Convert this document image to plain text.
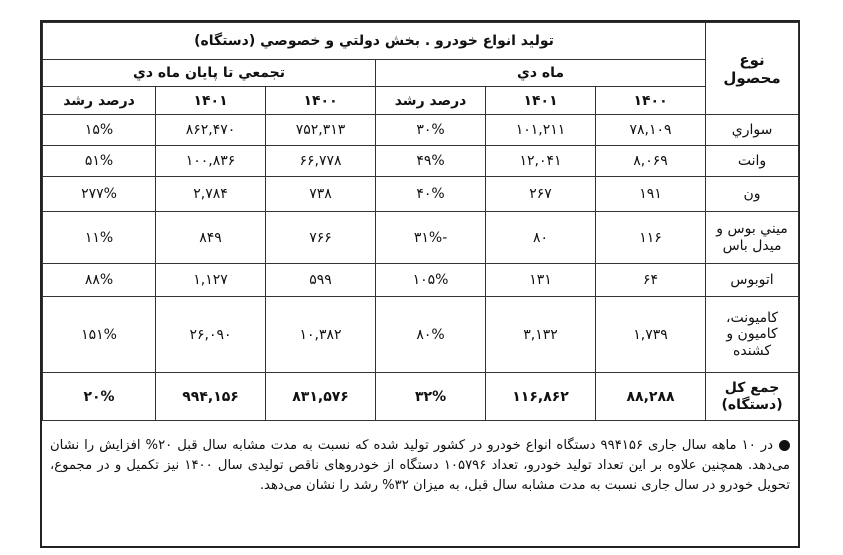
نوع محصول	توليد انواع خودرو . بخش دولتي و خصوصي (دستگاه)					
	ماه دي			تجمعي تا پايان ماه دي		
	۱۴۰۰	۱۴۰۱	درصد رشد	۱۴۰۰	۱۴۰۱	درصد رشد
سواري	۷۸,۱۰۹	۱۰۱,۲۱۱	۳۰%	۷۵۲,۳۱۳	۸۶۲,۴۷۰	۱۵%
وانت	۸,۰۶۹	۱۲,۰۴۱	۴۹%	۶۶,۷۷۸	۱۰۰,۸۳۶	۵۱%
ون	۱۹۱	۲۶۷	۴۰%	۷۳۸	۲,۷۸۴	۲۷۷%
ميني بوس و ميدل باس	۱۱۶	۸۰	-۳۱%	۷۶۶	۸۴۹	۱۱%
اتوبوس	۶۴	۱۳۱	۱۰۵%	۵۹۹	۱,۱۲۷	۸۸%
كاميونت، كاميون و كشنده	۱,۷۳۹	۳,۱۳۲	۸۰%	۱۰,۳۸۲	۲۶,۰۹۰	۱۵۱%
جمع كل (دستگاه)	۸۸,۲۸۸	۱۱۶,۸۶۲	۳۲%	۸۳۱,۵۷۶	۹۹۴,۱۵۶	۲۰%
در ۱۰ ماهه سال جاری ۹۹۴۱۵۶ دستگاه انواع خودرو در کشور تولید شده که نسبت به مدت مشابه سال قبل ۲۰% افزایش را نشان می‌دهد. همچنین علاوه بر این تعداد تولید خودرو، تعداد ۱۰۵۷۹۶ دستگاه از خودروهای ناقص تولیدی سال ۱۴۰۰ نیز تکمیل و در مجموع، تحویل خودرو در سال جاری نسبت به مدت مشابه سال قبل، به میزان ۳۲% رشد را نشان می‌دهد.
